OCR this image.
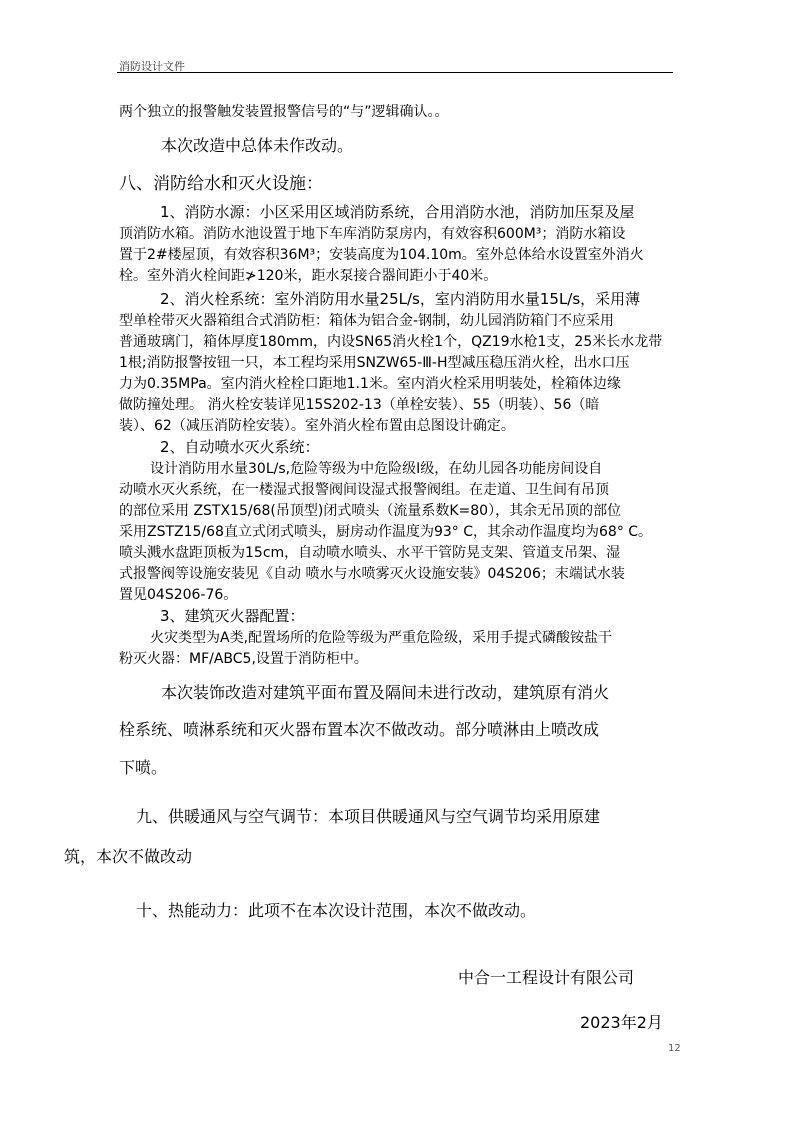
消防设计文件
两个独立的报警触发装置报警信号的“与”逻辑确认。。
本次改造中总体未作改动。
八、消防给水和灭火设施：
1、消防水源：小区采用区域消防系统，合用消防水池，消防加压泵及屋
顶消防水箱。消防水池设置于地下车库消防泵房内，有效容积600M³；消防水箱设
置于2#楼屋顶，有效容积36M³；安装高度为104.10m。室外总体给水设置室外消火
栓。室外消火栓间距≯120米，距水泵接合器间距小于40米。
2、消火栓系统：室外消防用水量25L/s，室内消防用水量15L/s，采用薄
型单栓带灭火器箱组合式消防柜：箱体为铝合金-钢制，幼儿园消防箱门不应采用
普通玻璃门，箱体厚度180mm，内设SN65消火栓1个，QZ19水枪1支，25米长水龙带
1根;消防报警按钮一只，本工程均采用SNZW65-Ⅲ-H型减压稳压消火栓，出水口压
力为0.35MPa。室内消火栓栓口距地1.1米。室内消火栓采用明装处，栓箱体边缘
做防撞处理。 消火栓安装详见15S202-13（单栓安装）、55（明装）、56（暗
装）、62（减压消防栓安装）。室外消火栓布置由总图设计确定。
2、自动喷水灭火系统：
设计消防用水量30L/s,危险等级为中危险级Ⅰ级，在幼儿园各功能房间设自
动喷水灭火系统，在一楼湿式报警阀间设湿式报警阀组。在走道、卫生间有吊顶
的部位采用 ZSTX15/68(吊顶型)闭式喷头（流量系数K=80），其余无吊顶的部位
采用ZSTZ15/68直立式闭式喷头，厨房动作温度为93° C，其余动作温度均为68° C。
喷头溅水盘距顶板为15cm，自动喷水喷头、水平干管防晃支架、管道支吊架、湿
式报警阀等设施安装见《自动 喷水与水喷雾灭火设施安装》04S206；末端试水装
置见04S206-76。
3、建筑灭火器配置：
火灾类型为A类,配置场所的危险等级为严重危险级，采用手提式磷酸铵盐干
粉灭火器：MF/ABC5,设置于消防柜中。
本次装饰改造对建筑平面布置及隔间未进行改动，建筑原有消火
栓系统、喷淋系统和灭火器布置本次不做改动。部分喷淋由上喷改成
下喷。
九、供暖通风与空气调节：本项目供暖通风与空气调节均采用原建
筑，本次不做改动
十、热能动力：此项不在本次设计范围，本次不做改动。
中合一工程设计有限公司
2023年2月
12
